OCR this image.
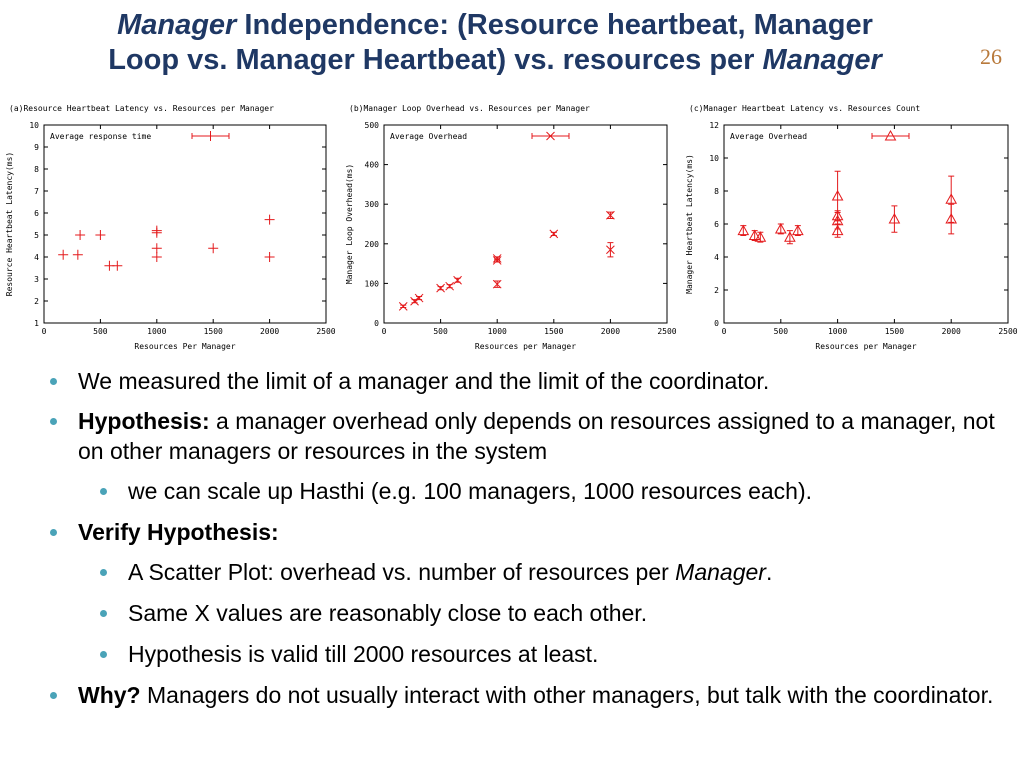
Manager Independence: (Resource heartbeat, Manager
Loop vs. Manager Heartbeat) vs. resources per Manager	26
(a)Resource Heartbeat Latency vs. Resources per Manager
0	500	1000	1500	2000	2500
1
2
3
4
5
6
7
8
9
10
Resources Per Manager
Resource Heartbeat Latency(ms)
Average response time
(b)Manager Loop Overhead vs. Resources per Manager
0	500	1000	1500	2000	2500
0
100
200
300
400
500
Resources per Manager
Manager Loop Overhead(ms)
Average Overhead
(c)Manager Heartbeat Latency vs. Resources Count
0	500	1000	1500	2000	2500
0
2
4
6
8
10
12
Resources per Manager
Manager Heartbeat Latency(ms)
Average Overhead
We measured the limit of a manager and the limit of the coordinator.
Hypothesis: a manager overhead only depends on resources assigned to a manager, not on other managers or resources in the system
we can scale up Hasthi (e.g. 100 managers, 1000 resources each).
Verify Hypothesis:
A Scatter Plot: overhead vs. number of resources per Manager.
Same X values are reasonably close to each other.
Hypothesis is valid till 2000 resources at least.
Why? Managers do not usually interact with other managers, but talk with the coordinator.
